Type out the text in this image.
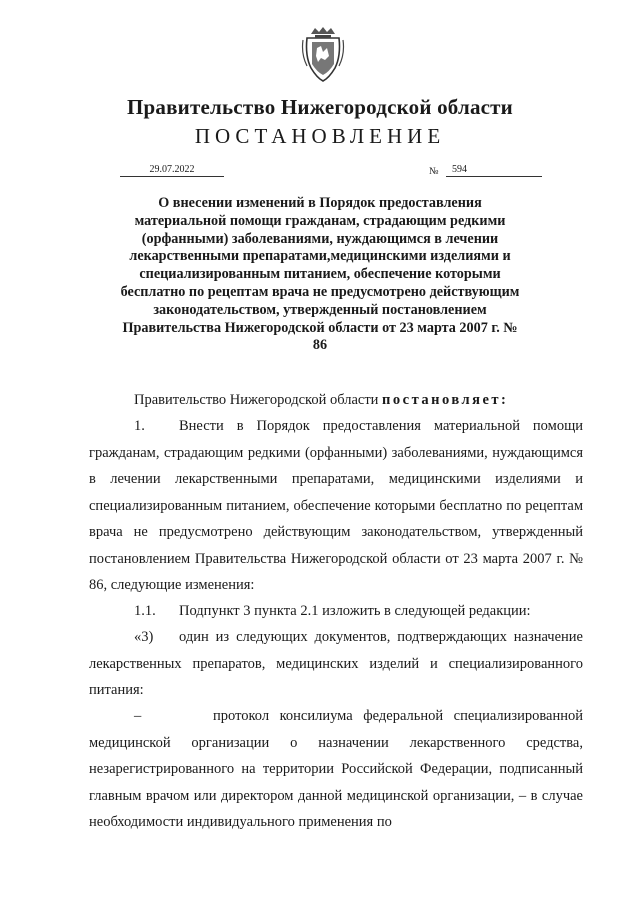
Правительство Нижегородской области
ПОСТАНОВЛЕНИЕ
29.07.2022	№	594
О внесении изменений в Порядок предоставления материальной помощи гражданам, страдающим редкими (орфанными) заболеваниями, нуждающимся в лечении лекарственными препаратами,медицинскими изделиями и специализированным питанием, обеспечение которыми бесплатно по рецептам врача не предусмотрено действующим законодательством, утвержденный постановлением Правительства Нижегородской области от 23 марта 2007 г. № 86
Правительство Нижегородской области постановляет:
1. Внести в Порядок предоставления материальной помощи гражданам, страдающим редкими (орфанными) заболеваниями, нуждающимся в лечении лекарственными препаратами, медицинскими изделиями и специализированным питанием, обеспечение которыми бесплатно по рецептам врача не предусмотрено действующим законодательством, утвержденный постановлением Правительства Нижегородской области от 23 марта 2007 г. № 86, следующие изменения:
1.1. Подпункт 3 пункта 2.1 изложить в следующей редакции:
«3) один из следующих документов, подтверждающих назначение лекарственных препаратов, медицинских изделий и специализированного питания:
–	протокол консилиума федеральной специализированной медицинской организации о назначении лекарственного средства, незарегистрированного на территории Российской Федерации, подписанный главным врачом или директором данной медицинской организации, – в случае необходимости индивидуального применения по
